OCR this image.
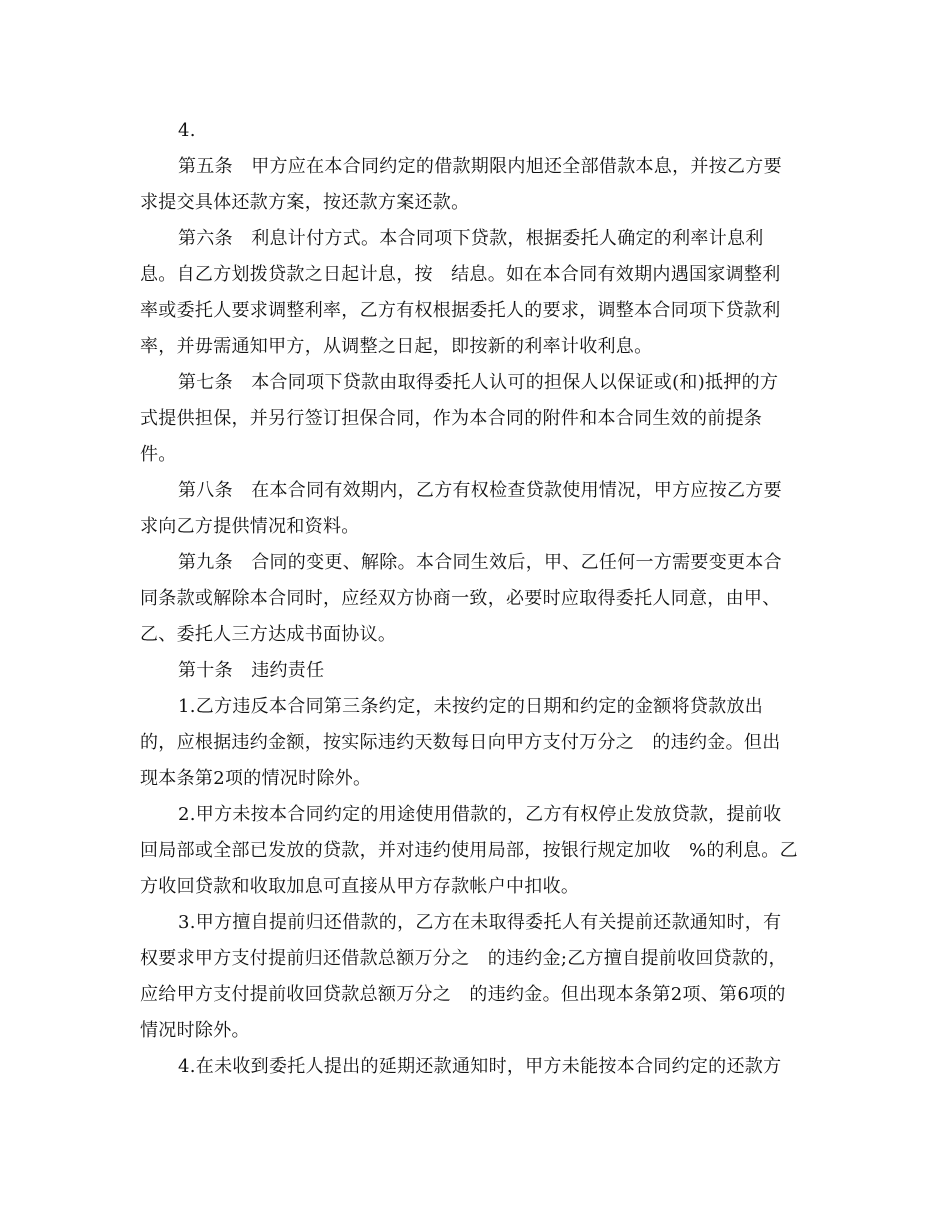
4.
第五条　甲方应在本合同约定的借款期限内旭还全部借款本息，并按乙方要
求提交具体还款方案，按还款方案还款。
第六条　利息计付方式。本合同项下贷款，根据委托人确定的利率计息利
息。自乙方划拨贷款之日起计息，按　结息。如在本合同有效期内遇国家调整利
率或委托人要求调整利率，乙方有权根据委托人的要求，调整本合同项下贷款利
率，并毋需通知甲方，从调整之日起，即按新的利率计收利息。
第七条　本合同项下贷款由取得委托人认可的担保人以保证或(和)抵押的方
式提供担保，并另行签订担保合同，作为本合同的附件和本合同生效的前提条
件。
第八条　在本合同有效期内，乙方有权检查贷款使用情况，甲方应按乙方要
求向乙方提供情况和资料。
第九条　合同的变更、解除。本合同生效后，甲、乙任何一方需要变更本合
同条款或解除本合同时，应经双方协商一致，必要时应取得委托人同意，由甲、
乙、委托人三方达成书面协议。
第十条　违约责任
1.乙方违反本合同第三条约定，未按约定的日期和约定的金额将贷款放出
的，应根据违约金额，按实际违约天数每日向甲方支付万分之　的违约金。但出
现本条第2项的情况时除外。
2.甲方未按本合同约定的用途使用借款的，乙方有权停止发放贷款，提前收
回局部或全部已发放的贷款，并对违约使用局部，按银行规定加收　%的利息。乙
方收回贷款和收取加息可直接从甲方存款帐户中扣收。
3.甲方擅自提前归还借款的，乙方在未取得委托人有关提前还款通知时，有
权要求甲方支付提前归还借款总额万分之　的违约金;乙方擅自提前收回贷款的，
应给甲方支付提前收回贷款总额万分之　的违约金。但出现本条第2项、第6项的
情况时除外。
4.在未收到委托人提出的延期还款通知时，甲方未能按本合同约定的还款方
